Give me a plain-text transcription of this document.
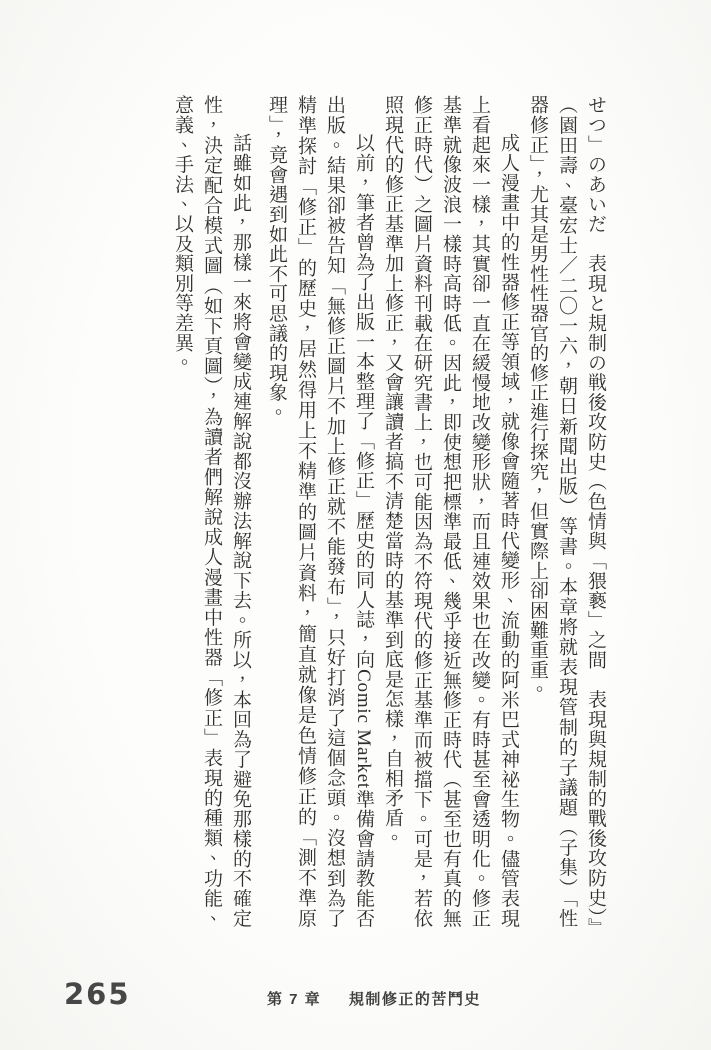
せつ」のあいだ　表現と規制の戦後攻防史（色情與「猥褻」之間　表現與規制的戰後攻防史）』（園田壽、臺宏士／二〇一六，朝日新聞出版）等書。本章將就表現管制的子議題（子集）「性器修正」，尤其是男性性器官的修正進行探究，但實際上卻困難重重。

成人漫畫中的性器修正等領域，就像會隨著時代變形、流動的阿米巴式神祕生物。儘管表現上看起來一樣，其實卻一直在緩慢地改變形狀，而且連效果也在改變。有時甚至會透明化。修正基準就像波浪一樣時高時低。因此，即使想把標準最低、幾乎接近無修正時代（甚至也有真的無修正時代）之圖片資料刊載在研究書上，也可能因為不符現代的修正基準而被擋下。可是，若依照現代的修正基準加上修正，又會讓讀者搞不清楚當時的基準到底是怎樣，自相矛盾。

以前，筆者曾為了出版一本整理了「修正」歷史的同人誌，向Comic Market準備會請教能否出版。結果卻被告知「無修正圖片不加上修正就不能發布」，只好打消了這個念頭。沒想到為了精準探討「修正」的歷史，居然得用上不精準的圖片資料，簡直就像是色情修正的「測不準原理」，竟會遇到如此不可思議的現象。

話雖如此，那樣一來將會變成連解說都沒辦法解說下去。所以，本回為了避免那樣的不確定性，決定配合模式圖（如下頁圖），為讀者們解說成人漫畫中性器「修正」表現的種類、功能、意義、手法、以及類別等差異。

265	第 7 章 規制修正的苦鬥史
